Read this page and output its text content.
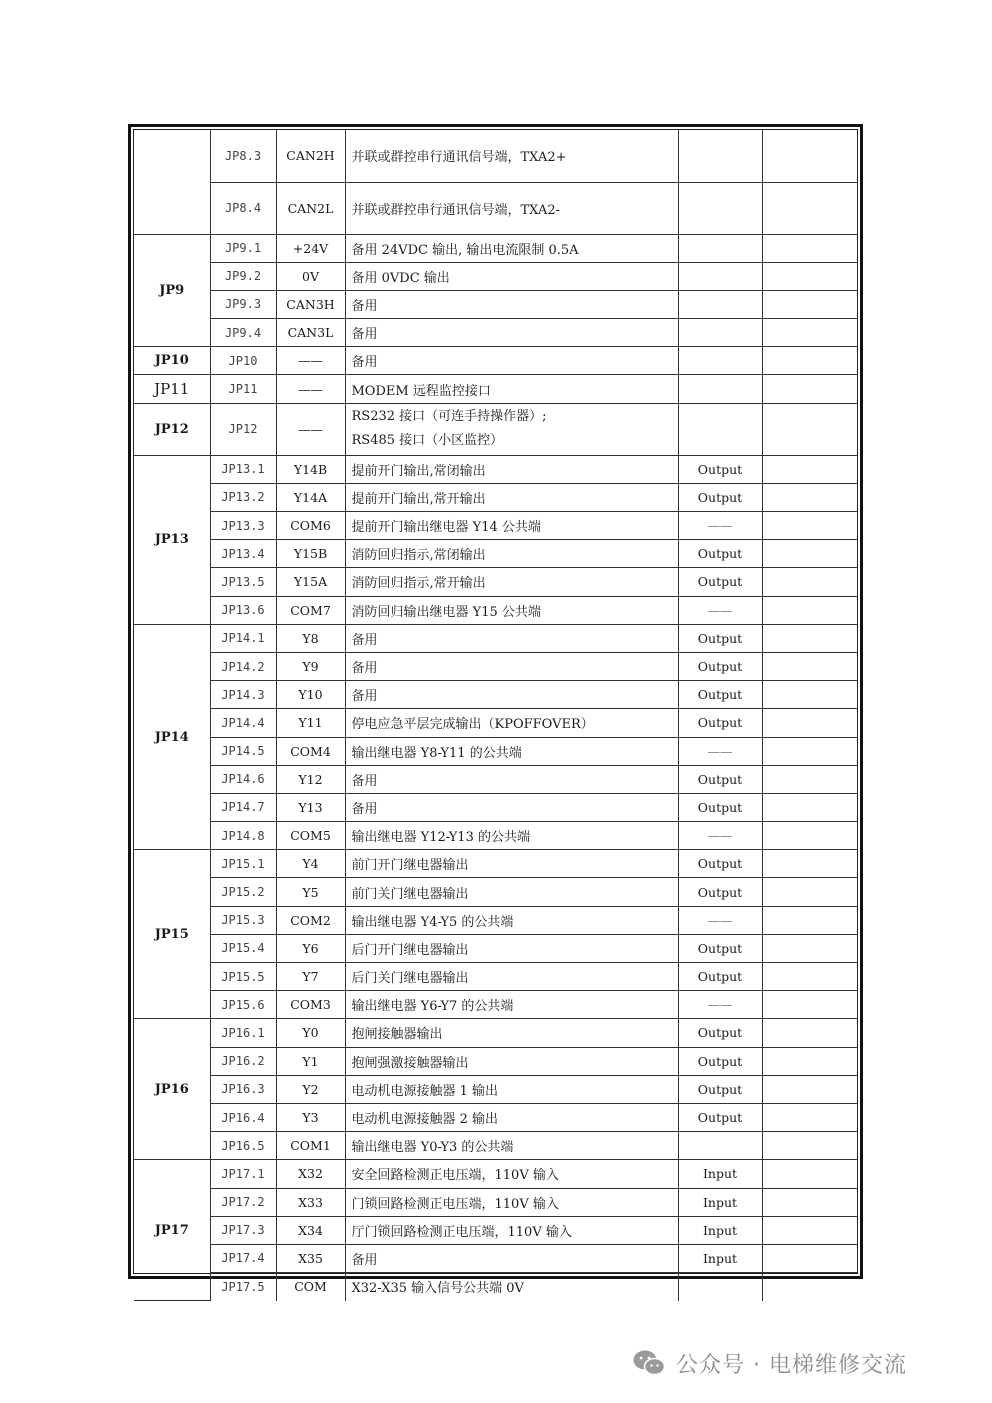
	JP8.3	CAN2H	并联或群控串行通讯信号端，TXA2+		
	JP8.4	CAN2L	并联或群控串行通讯信号端，TXA2-		
JP9	JP9.1	+24V	备用 24VDC 输出, 输出电流限制 0.5A		
	JP9.2	0V	备用 0VDC 输出		
	JP9.3	CAN3H	备用		
	JP9.4	CAN3L	备用		
JP10	JP10	——	备用		
JP11	JP11	——	MODEM 远程监控接口		
JP12	JP12	——	RS232 接口（可连手持操作器）;
RS485 接口（小区监控）		
JP13	JP13.1	Y14B	提前开门输出,常闭输出	Output	
	JP13.2	Y14A	提前开门输出,常开输出	Output	
	JP13.3	COM6	提前开门输出继电器 Y14 公共端	——	
	JP13.4	Y15B	消防回归指示,常闭输出	Output	
	JP13.5	Y15A	消防回归指示,常开输出	Output	
	JP13.6	COM7	消防回归输出继电器 Y15 公共端	——	
JP14	JP14.1	Y8	备用	Output	
	JP14.2	Y9	备用	Output	
	JP14.3	Y10	备用	Output	
	JP14.4	Y11	停电应急平层完成输出（KPOFFOVER）	Output	
	JP14.5	COM4	输出继电器 Y8-Y11 的公共端	——	
	JP14.6	Y12	备用	Output	
	JP14.7	Y13	备用	Output	
	JP14.8	COM5	输出继电器 Y12-Y13 的公共端	——	
JP15	JP15.1	Y4	前门开门继电器输出	Output	
	JP15.2	Y5	前门关门继电器输出	Output	
	JP15.3	COM2	输出继电器 Y4-Y5 的公共端	——	
	JP15.4	Y6	后门开门继电器输出	Output	
	JP15.5	Y7	后门关门继电器输出	Output	
	JP15.6	COM3	输出继电器 Y6-Y7 的公共端	——	
JP16	JP16.1	Y0	抱闸接触器输出	Output	
	JP16.2	Y1	抱闸强激接触器输出	Output	
	JP16.3	Y2	电动机电源接触器 1 输出	Output	
	JP16.4	Y3	电动机电源接触器 2 输出	Output	
	JP16.5	COM1	输出继电器 Y0-Y3 的公共端		
JP17	JP17.1	X32	安全回路检测正电压端，110V 输入	Input	
	JP17.2	X33	门锁回路检测正电压端，110V 输入	Input	
	JP17.3	X34	厅门锁回路检测正电压端，110V 输入	Input	
	JP17.4	X35	备用	Input	
	JP17.5	COM	X32-X35 输入信号公共端 0V		
公众号 · 电梯维修交流
